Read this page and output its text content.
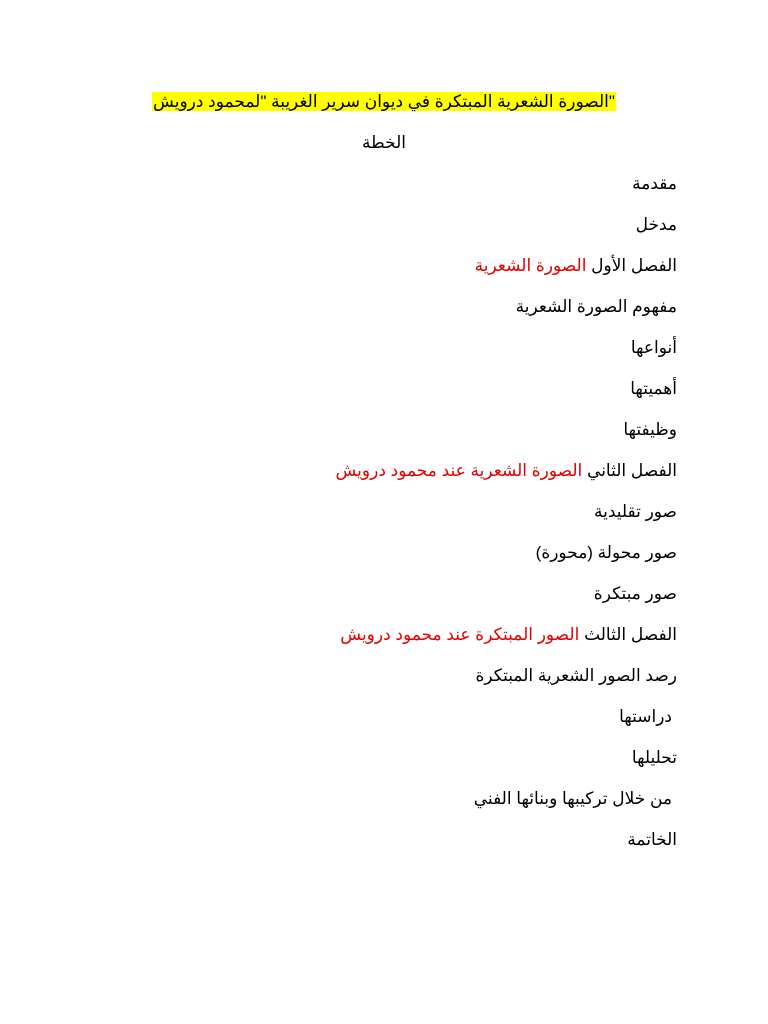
"الصورة الشعرية المبتكرة في ديوان سرير الغريبة "لمحمود درويش
الخطة
مقدمة
مدخل
الفصل الأول الصورة الشعرية
مفهوم الصورة الشعرية
أنواعها
أهميتها
وظيفتها
الفصل الثاني الصورة الشعرية عند محمود درويش
صور تقليدية
صور محولة (محورة)
صور مبتكرة
الفصل الثالث الصور المبتكرة عند محمود درويش
رصد الصور الشعرية المبتكرة
دراستها
تحليلها
من خلال تركيبها وبنائها الفني
الخاتمة
